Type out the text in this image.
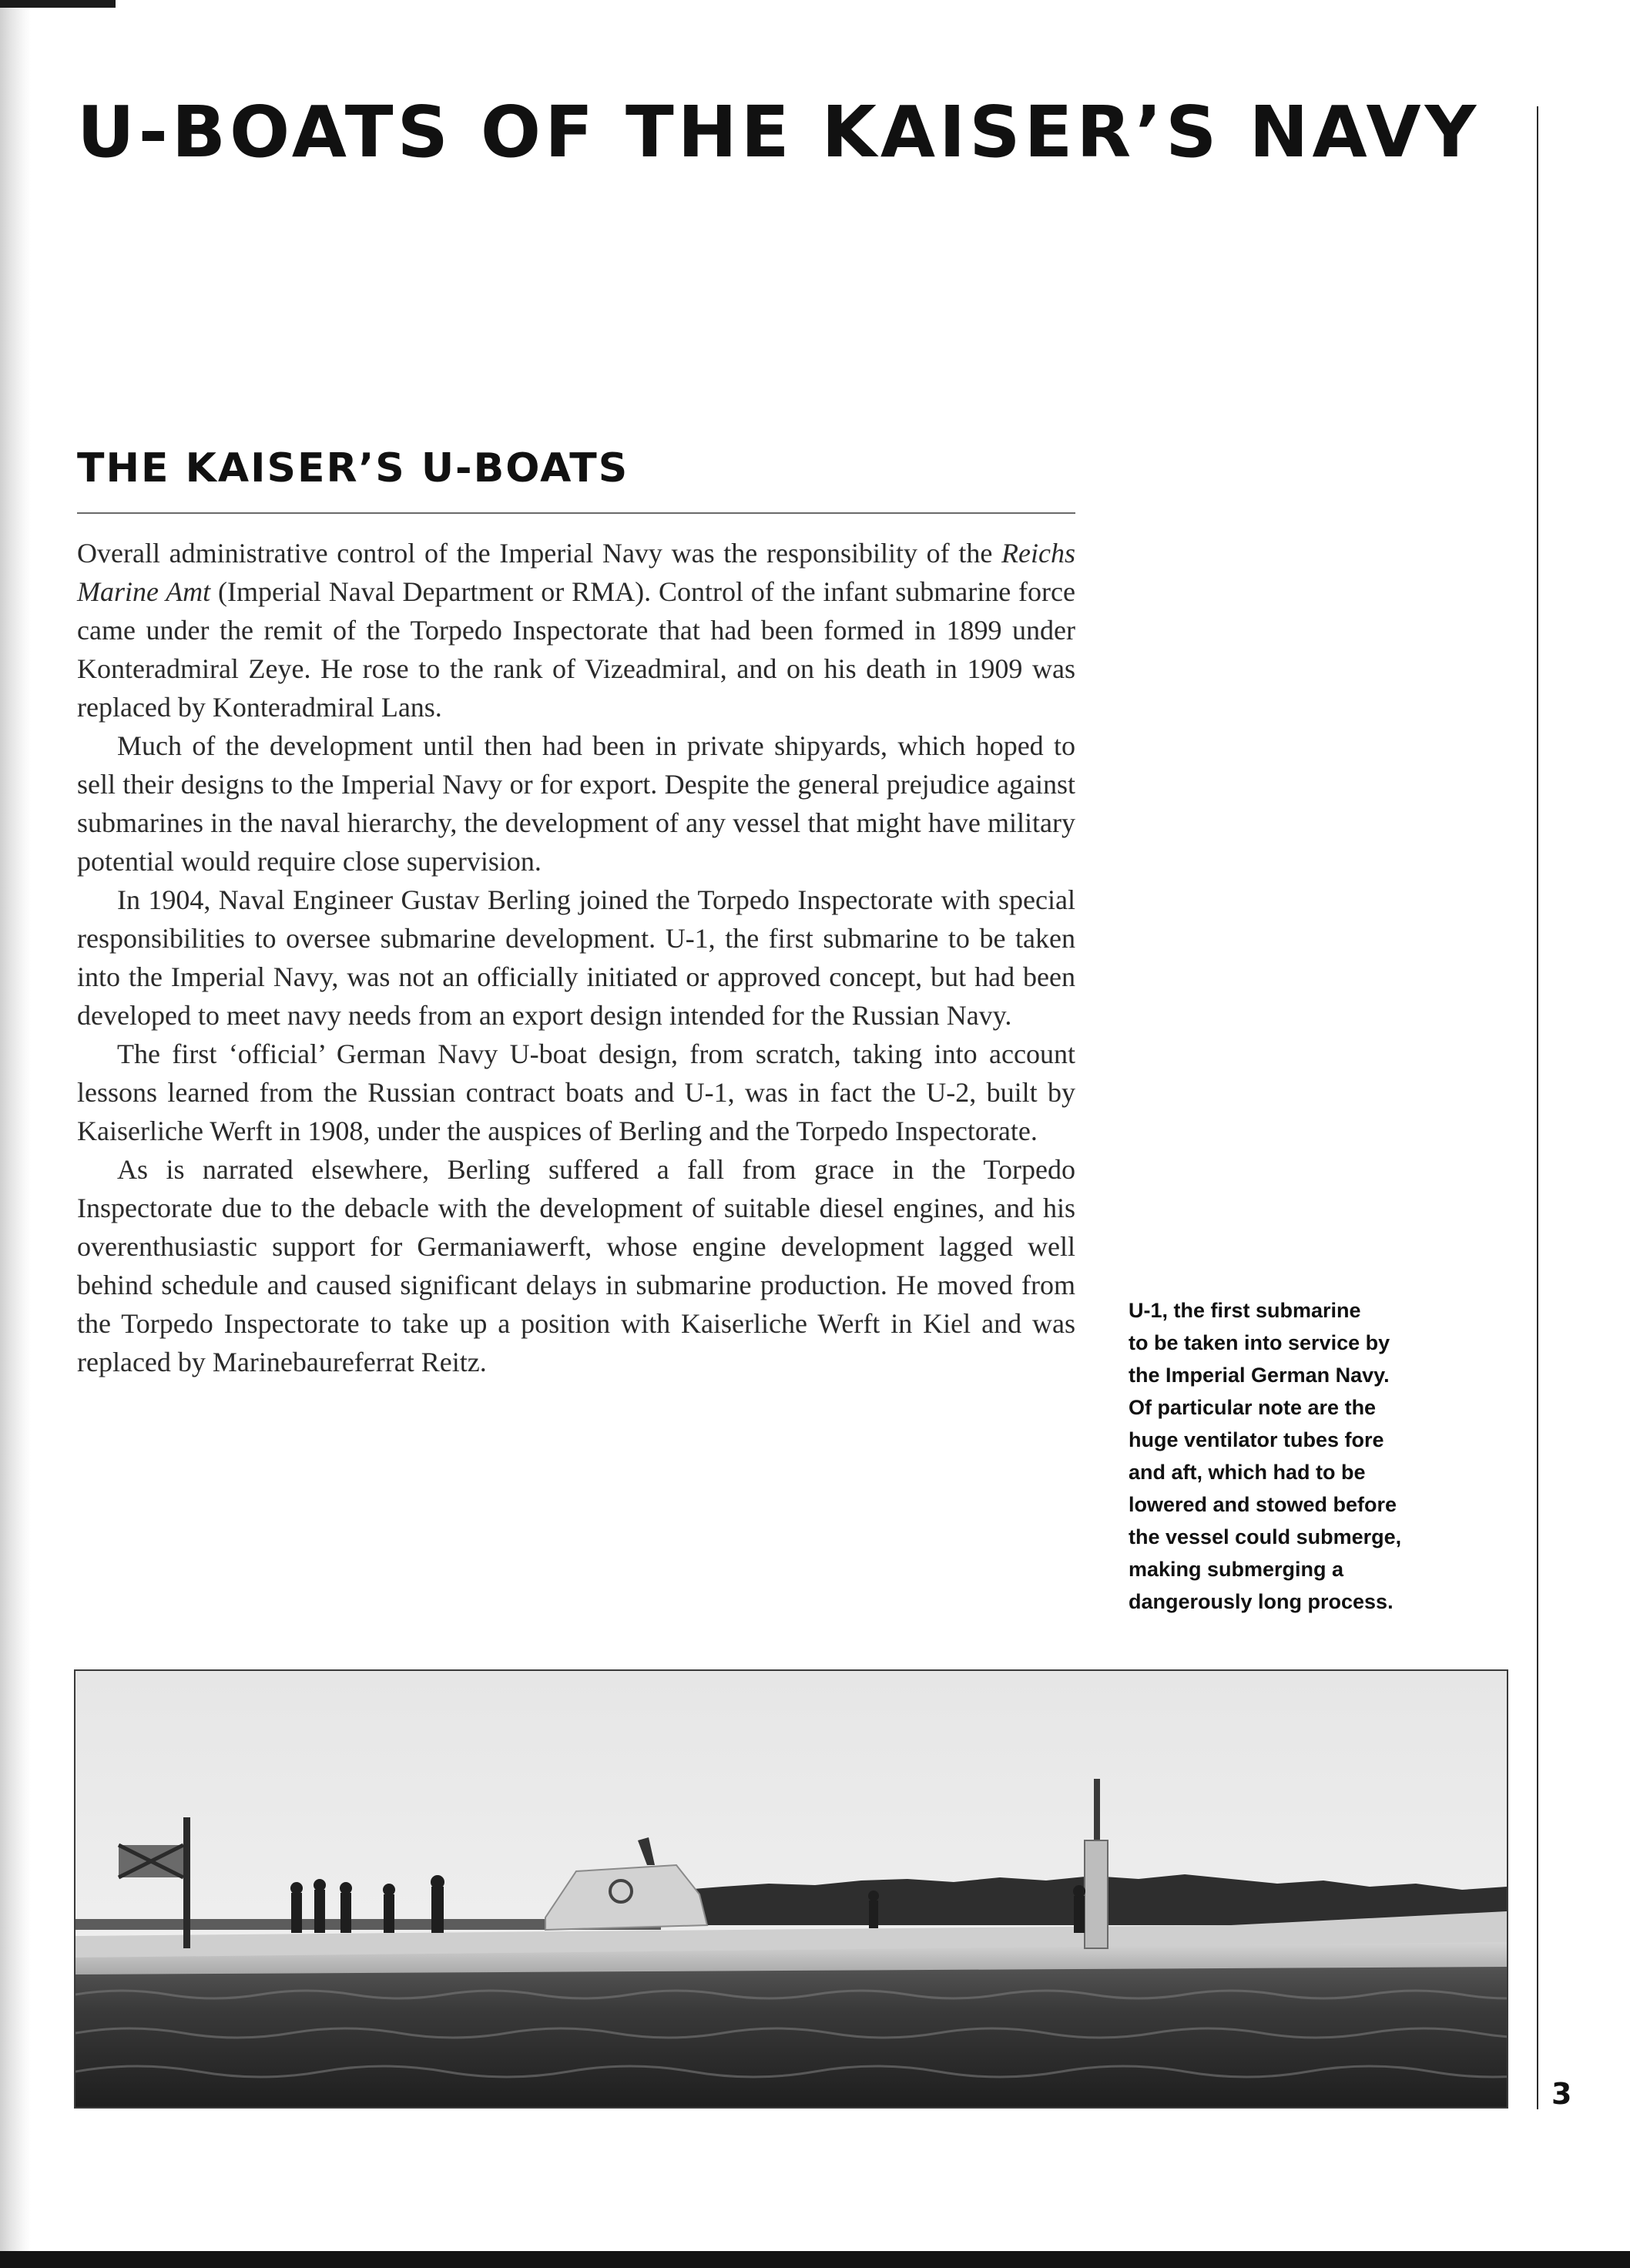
U-BOATS OF THE KAISER’S NAVY
THE KAISER’S U-BOATS

Overall administrative control of the Imperial Navy was the responsibility of the Reichs Marine Amt (Imperial Naval Department or RMA). Control of the infant submarine force came under the remit of the Torpedo Inspectorate that had been formed in 1899 under Konteradmiral Zeye. He rose to the rank of Vizeadmiral, and on his death in 1909 was replaced by Konteradmiral Lans.

Much of the development until then had been in private shipyards, which hoped to sell their designs to the Imperial Navy or for export. Despite the general prejudice against submarines in the naval hierarchy, the development of any vessel that might have military potential would require close supervision.

In 1904, Naval Engineer Gustav Berling joined the Torpedo Inspectorate with special responsibilities to oversee submarine development. U-1, the first submarine to be taken into the Imperial Navy, was not an officially initiated or approved concept, but had been developed to meet navy needs from an export design intended for the Russian Navy.

The first ‘official’ German Navy U-boat design, from scratch, taking into account lessons learned from the Russian contract boats and U-1, was in fact the U-2, built by Kaiserliche Werft in 1908, under the auspices of Berling and the Torpedo Inspectorate.

As is narrated elsewhere, Berling suffered a fall from grace in the Torpedo Inspectorate due to the debacle with the development of suitable diesel engines, and his overenthusiastic support for Germaniawerft, whose engine development lagged well behind schedule and caused significant delays in submarine production. He moved from the Torpedo Inspectorate to take up a position with Kaiserliche Werft in Kiel and was replaced by Marinebaureferrat Reitz.

U-1, the first submarine
to be taken into service by
the Imperial German Navy.
Of particular note are the
huge ventilator tubes fore
and aft, which had to be
lowered and stowed before
the vessel could submerge,
making submerging a
dangerously long process.
3
